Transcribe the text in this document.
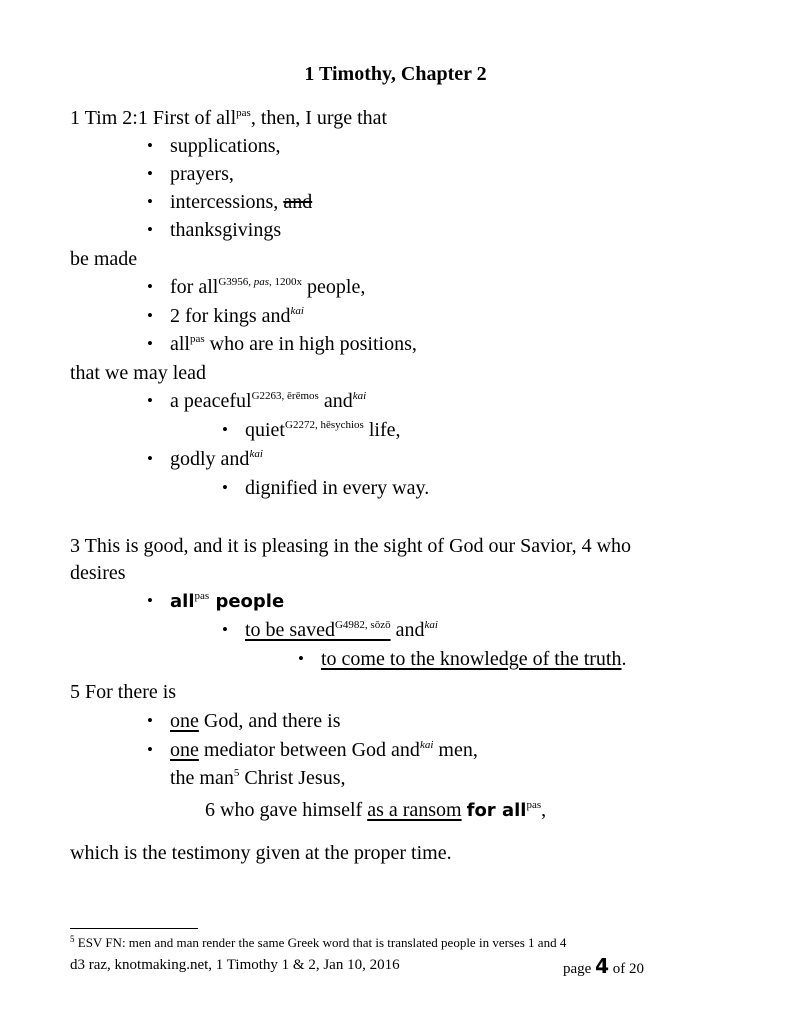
1 Timothy, Chapter 2
1 Tim 2:1 First of all$^{pas}$, then, I urge that
• supplications,
• prayers,
• intercessions, and
• thanksgivings
be made
• for all$^{G3956, pas, 1200x}$ people,
• 2 for kings and$^{kai}$
• all$^{pas}$ who are in high positions,
that we may lead
• a peaceful$^{G2263, ērēmos}$ and$^{kai}$
• quiet$^{G2272, hēsychios}$ life,
• godly and$^{kai}$
• dignified in every way.
3 This is good, and it is pleasing in the sight of God our Savior, 4 who
desires
• all$^{pas}$ people
• to be saved$^{G4982, sōzō}$ and$^{kai}$
• to come to the knowledge of the truth.
5 For there is
• one God, and there is
• one mediator between God and$^{kai}$ men,
the man$^5$ Christ Jesus,
6 who gave himself as a ransom for all$^{pas}$,
which is the testimony given at the proper time.
$^5$ ESV FN: men and man render the same Greek word that is translated people in verses 1 and 4
d3 raz, knotmaking.net, 1 Timothy 1 & 2, Jan 10, 2016	page 4 of 20
